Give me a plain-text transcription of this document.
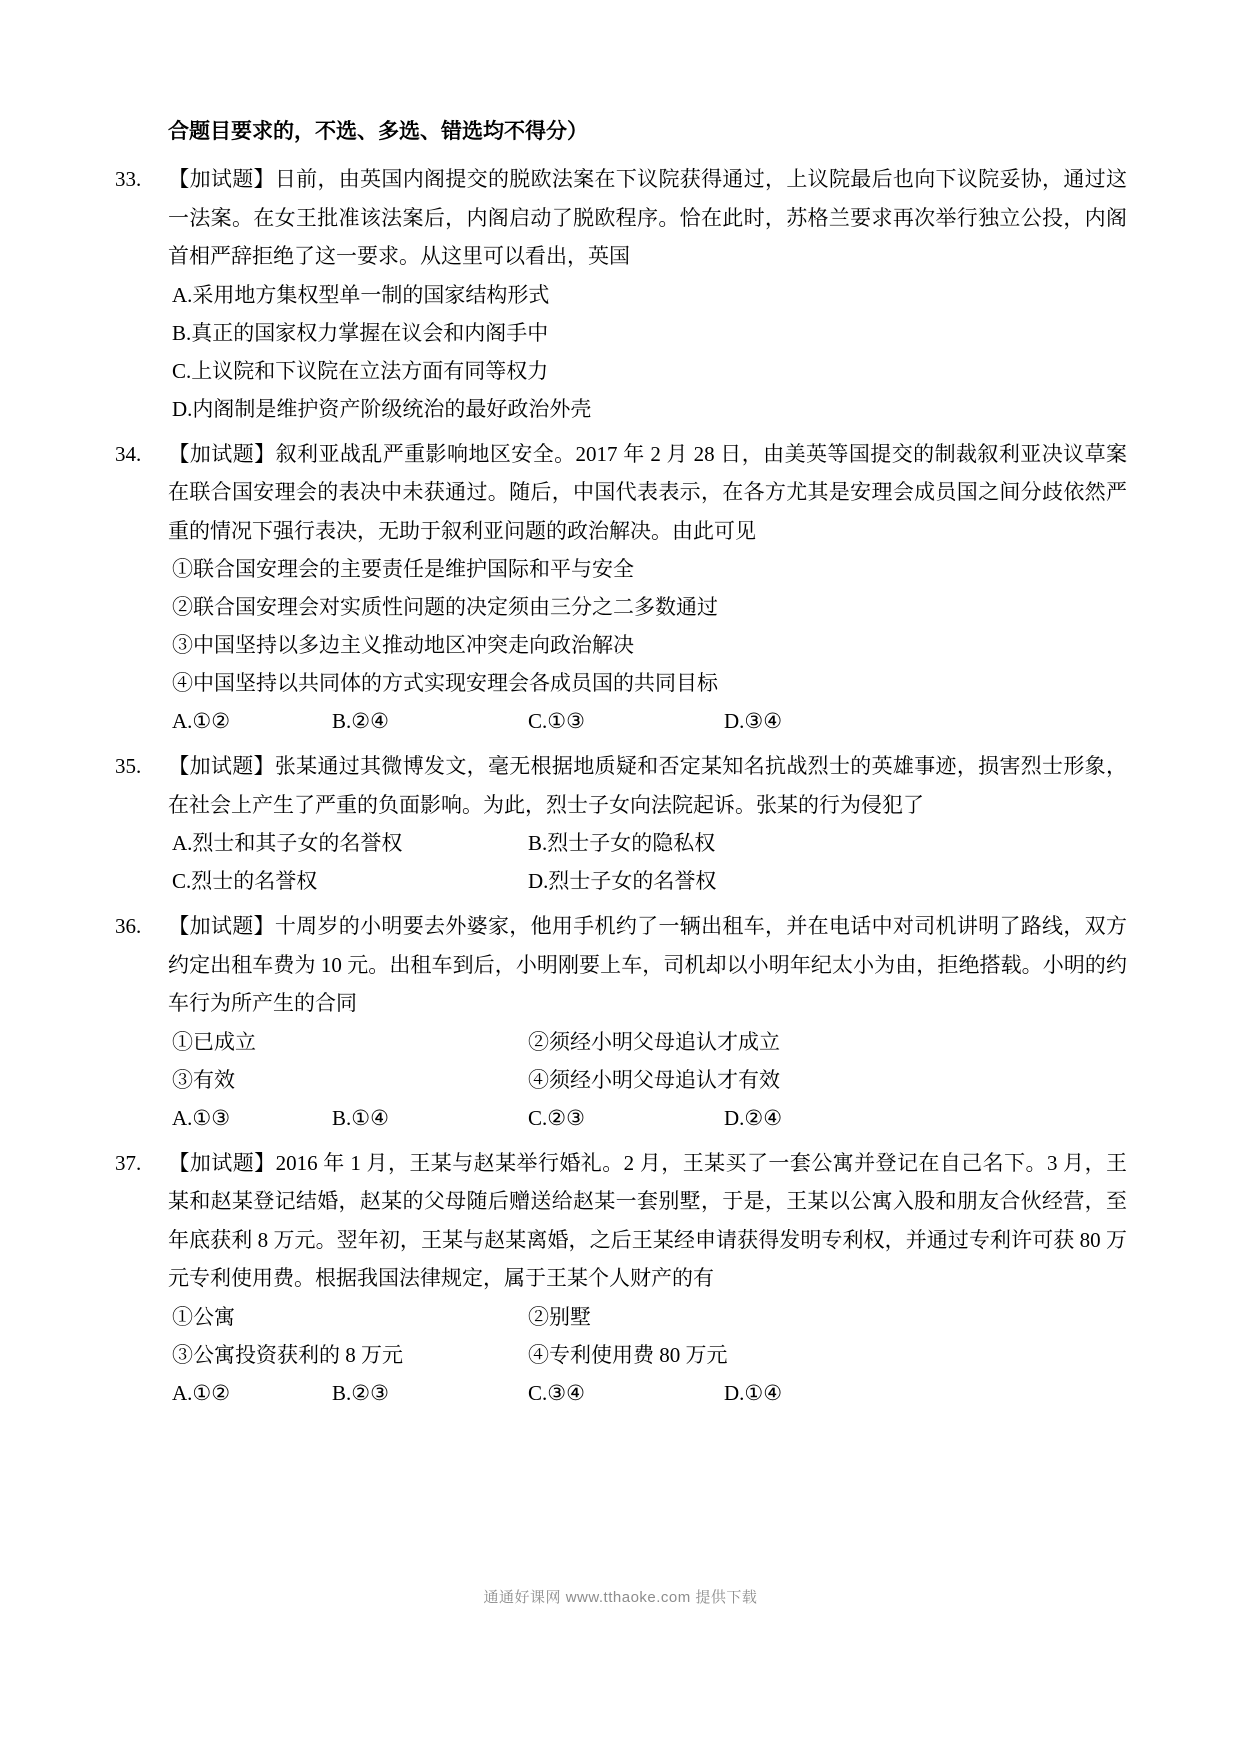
合题目要求的，不选、多选、错选均不得分）
33. 【加试题】日前，由英国内阁提交的脱欧法案在下议院获得通过，上议院最后也向下议院妥协，通过这一法案。在女王批准该法案后，内阁启动了脱欧程序。恰在此时，苏格兰要求再次举行独立公投，内阁首相严辞拒绝了这一要求。从这里可以看出，英国
A.采用地方集权型单一制的国家结构形式
B.真正的国家权力掌握在议会和内阁手中
C.上议院和下议院在立法方面有同等权力
D.内阁制是维护资产阶级统治的最好政治外壳
34. 【加试题】叙利亚战乱严重影响地区安全。2017 年 2 月 28 日，由美英等国提交的制裁叙利亚决议草案在联合国安理会的表决中未获通过。随后，中国代表表示，在各方尤其是安理会成员国之间分歧依然严重的情况下强行表决，无助于叙利亚问题的政治解决。由此可见
①联合国安理会的主要责任是维护国际和平与安全
②联合国安理会对实质性问题的决定须由三分之二多数通过
③中国坚持以多边主义推动地区冲突走向政治解决
④中国坚持以共同体的方式实现安理会各成员国的共同目标
A.①②	B.②④	C.①③	D.③④
35. 【加试题】张某通过其微博发文，毫无根据地质疑和否定某知名抗战烈士的英雄事迹，损害烈士形象，在社会上产生了严重的负面影响。为此，烈士子女向法院起诉。张某的行为侵犯了
A.烈士和其子女的名誉权	B.烈士子女的隐私权
C.烈士的名誉权	D.烈士子女的名誉权
36. 【加试题】十周岁的小明要去外婆家，他用手机约了一辆出租车，并在电话中对司机讲明了路线，双方约定出租车费为 10 元。出租车到后，小明刚要上车，司机却以小明年纪太小为由，拒绝搭载。小明的约车行为所产生的合同
①已成立	②须经小明父母追认才成立
③有效	④须经小明父母追认才有效
A.①③	B.①④	C.②③	D.②④
37. 【加试题】2016 年 1 月，王某与赵某举行婚礼。2 月，王某买了一套公寓并登记在自己名下。3 月，王某和赵某登记结婚，赵某的父母随后赠送给赵某一套别墅，于是，王某以公寓入股和朋友合伙经营，至年底获利 8 万元。翌年初，王某与赵某离婚，之后王某经申请获得发明专利权，并通过专利许可获 80 万元专利使用费。根据我国法律规定，属于王某个人财产的有
①公寓	②别墅
③公寓投资获利的 8 万元	④专利使用费 80 万元
A.①②	B.②③	C.③④	D.①④
通通好课网 www.tthaoke.com 提供下载
